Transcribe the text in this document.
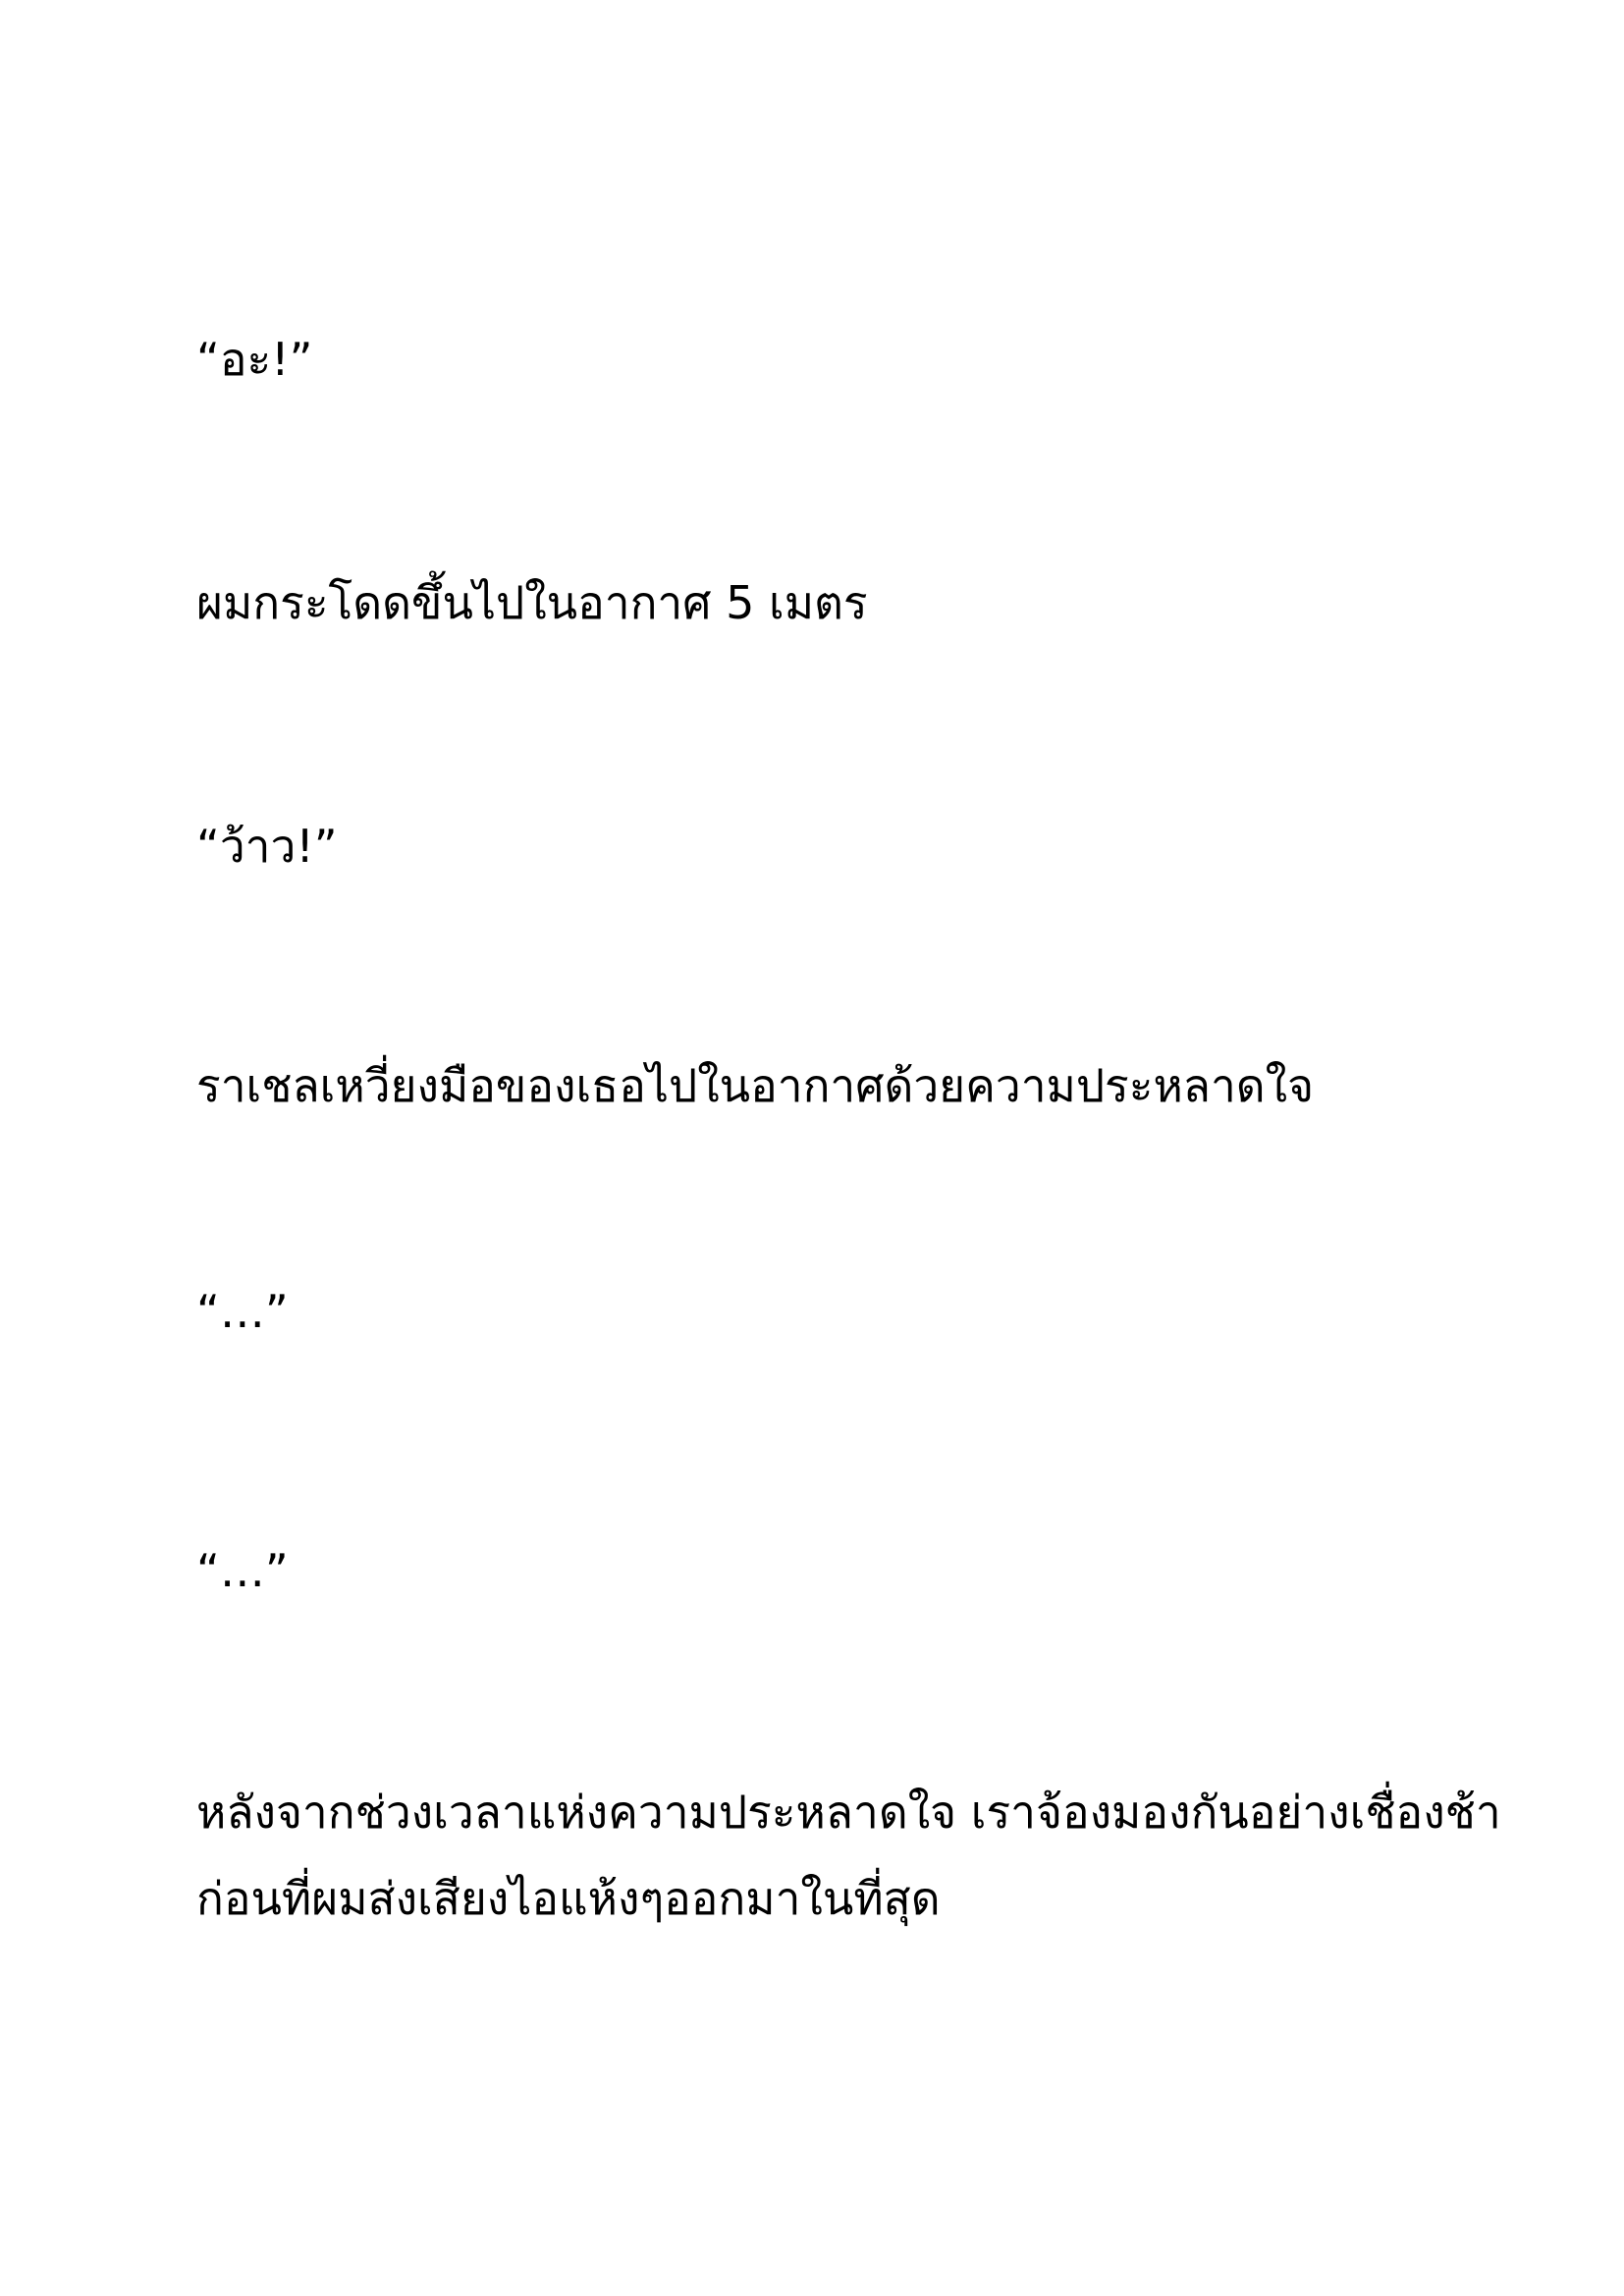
“อะ!”

ผมกระโดดขึ้นไปในอากาศ 5 เมตร

“ว้าว!”

ราเชลเหวี่ยงมือของเธอไปในอากาศด้วยความประหลาดใจ

“…”

“…”

หลังจากช่วงเวลาแห่งความประหลาดใจ เราจ้องมองกันอย่างเชื่องช้า
ก่อนที่ผมส่งเสียงไอแห้งๆออกมาในที่สุด
